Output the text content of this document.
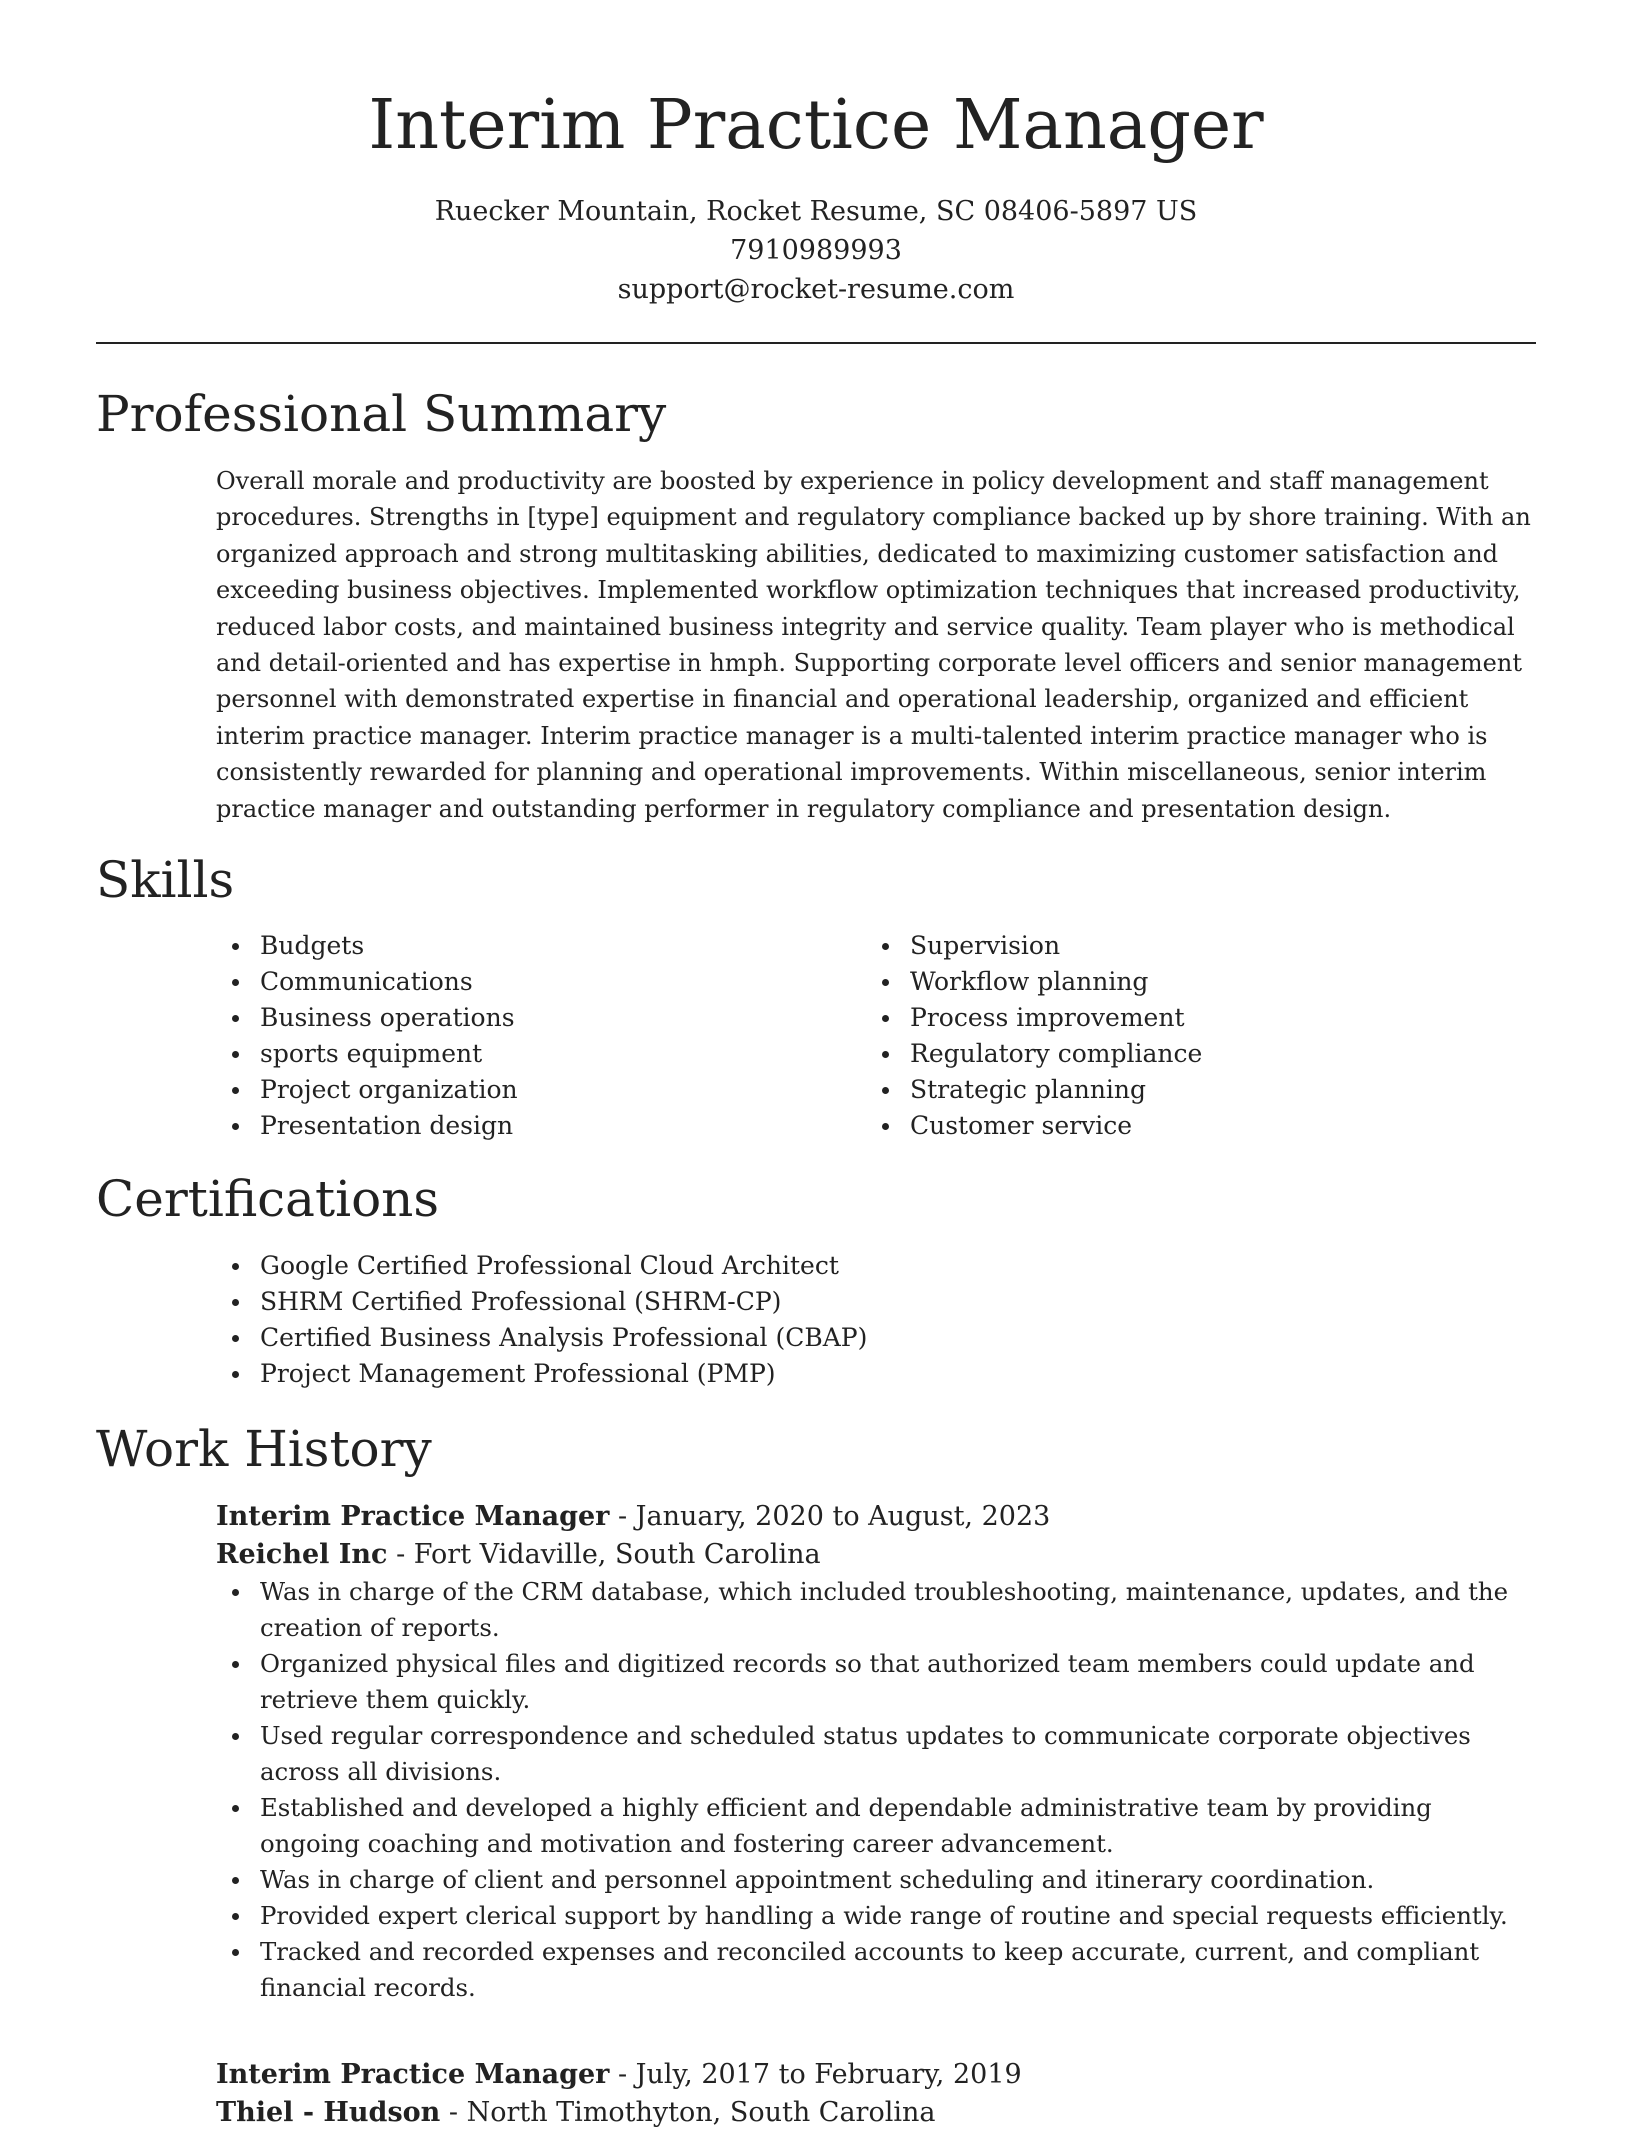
Interim Practice Manager
Ruecker Mountain, Rocket Resume, SC 08406-5897 US
7910989993
support@rocket-resume.com
Professional Summary

Overall morale and productivity are boosted by experience in policy development and staff management procedures. Strengths in [type] equipment and regulatory compliance backed up by shore training. With an organized approach and strong multitasking abilities, dedicated to maximizing customer satisfaction and exceeding business objectives. Implemented workflow optimization techniques that increased productivity, reduced labor costs, and maintained business integrity and service quality. Team player who is methodical and detail-oriented and has expertise in hmph. Supporting corporate level officers and senior management personnel with demonstrated expertise in financial and operational leadership, organized and efficient interim practice manager. Interim practice manager is a multi-talented interim practice manager who is consistently rewarded for planning and operational improvements. Within miscellaneous, senior interim practice manager and outstanding performer in regulatory compliance and presentation design.

Skills
Budgets
Communications
Business operations
sports equipment
Project organization
Presentation design
Supervision
Workflow planning
Process improvement
Regulatory compliance
Strategic planning
Customer service
Certifications
Google Certified Professional Cloud Architect
SHRM Certified Professional (SHRM-CP)
Certified Business Analysis Professional (CBAP)
Project Management Professional (PMP)
Work History
Interim Practice Manager - January, 2020 to August, 2023
Reichel Inc - Fort Vidaville, South Carolina
Was in charge of the CRM database, which included troubleshooting, maintenance, updates, and the creation of reports.
Organized physical files and digitized records so that authorized team members could update and retrieve them quickly.
Used regular correspondence and scheduled status updates to communicate corporate objectives across all divisions.
Established and developed a highly efficient and dependable administrative team by providing ongoing coaching and motivation and fostering career advancement.
Was in charge of client and personnel appointment scheduling and itinerary coordination.
Provided expert clerical support by handling a wide range of routine and special requests efficiently.
Tracked and recorded expenses and reconciled accounts to keep accurate, current, and compliant financial records.
Interim Practice Manager - July, 2017 to February, 2019
Thiel - Hudson - North Timothyton, South Carolina
